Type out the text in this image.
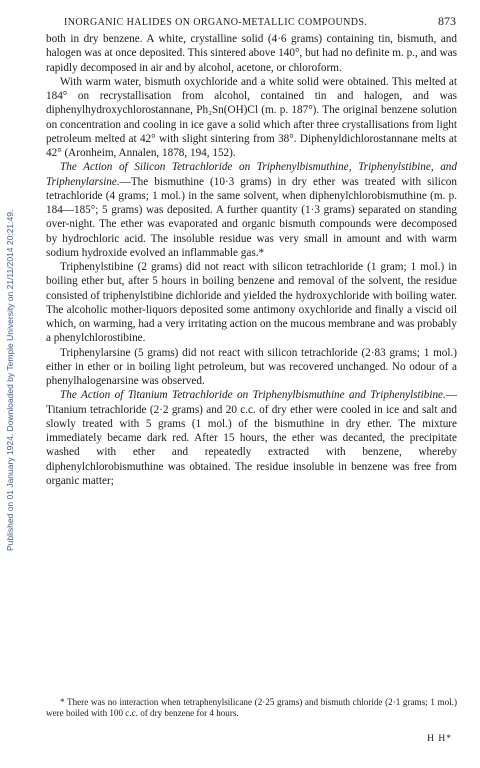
Published on 01 January 1924. Downloaded by Temple University on 21/11/2014 20:21:49.
INORGANIC HALIDES ON ORGANO-METALLIC COMPOUNDS.	873

both in dry benzene. A white, crystalline solid (4·6 grams) containing tin, bismuth, and halogen was at once deposited. This sintered above 140°, but had no definite m. p., and was rapidly decomposed in air and by alcohol, acetone, or chloroform.

With warm water, bismuth oxychloride and a white solid were obtained. This melted at 184° on recrystallisation from alcohol, contained tin and halogen, and was diphenylhydroxychlorostannane, Ph₂Sn(OH)Cl (m. p. 187°). The original benzene solution on concentration and cooling in ice gave a solid which after three crystallisations from light petroleum melted at 42° with slight sintering from 38°. Diphenyldichlorostannane melts at 42° (Aronheim, Annalen, 1878, 194, 152).

The Action of Silicon Tetrachloride on Triphenylbismuthine, Triphenylstibine, and Triphenylarsine.—The bismuthine (10·3 grams) in dry ether was treated with silicon tetrachloride (4 grams; 1 mol.) in the same solvent, when diphenylchlorobismuthine (m. p. 184—185°; 5 grams) was deposited. A further quantity (1·3 grams) separated on standing over-night. The ether was evaporated and organic bismuth compounds were decomposed by hydrochloric acid. The insoluble residue was very small in amount and with warm sodium hydroxide evolved an inflammable gas.*

Triphenylstibine (2 grams) did not react with silicon tetrachloride (1 gram; 1 mol.) in boiling ether but, after 5 hours in boiling benzene and removal of the solvent, the residue consisted of triphenylstibine dichloride and yielded the hydroxychloride with boiling water. The alcoholic mother-liquors deposited some antimony oxychloride and finally a viscid oil which, on warming, had a very irritating action on the mucous membrane and was probably a phenylchlorostibine.

Triphenylarsine (5 grams) did not react with silicon tetrachloride (2·83 grams; 1 mol.) either in ether or in boiling light petroleum, but was recovered unchanged. No odour of a phenylhalogenarsine was observed.

The Action of Titanium Tetrachloride on Triphenylbismuthine and Triphenylstibine.—Titanium tetrachloride (2·2 grams) and 20 c.c. of dry ether were cooled in ice and salt and slowly treated with 5 grams (1 mol.) of the bismuthine in dry ether. The mixture immediately became dark red. After 15 hours, the ether was decanted, the precipitate washed with ether and repeatedly extracted with benzene, whereby diphenylchlorobismuthine was obtained. The residue insoluble in benzene was free from organic matter;

* There was no interaction when tetraphenylsilicane (2·25 grams) and bismuth chloride (2·1 grams; 1 mol.) were boiled with 100 c.c. of dry benzene for 4 hours.

H H*
